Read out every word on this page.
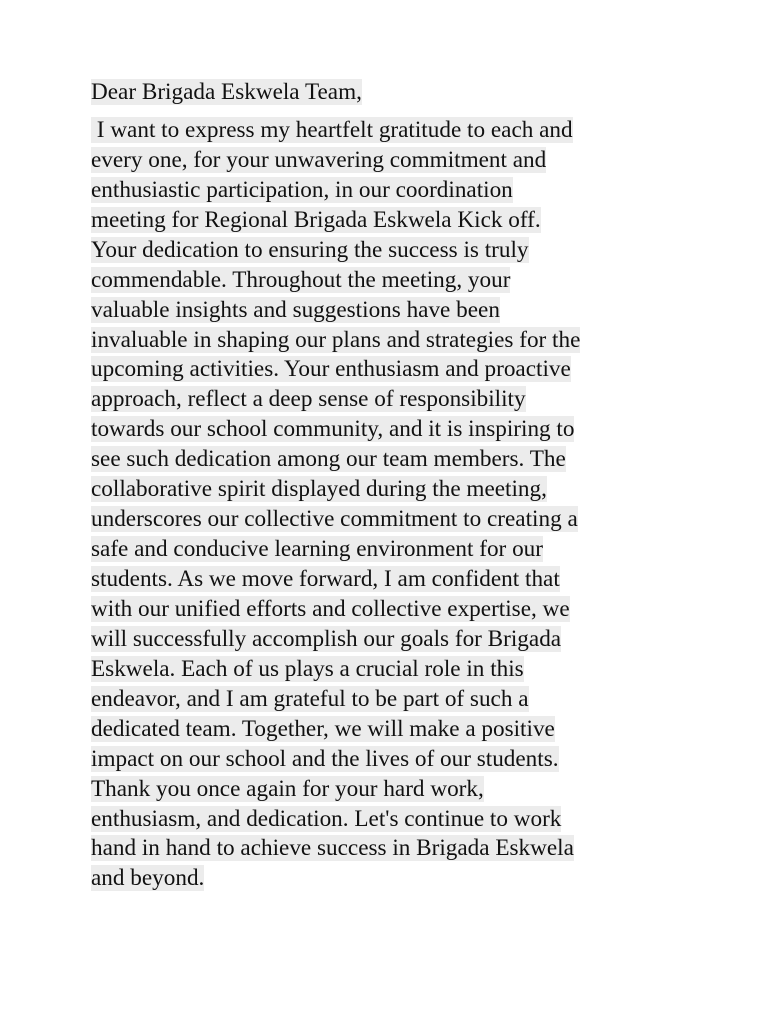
Dear Brigada Eskwela Team,
I want to express my heartfelt gratitude to each and
every one, for your unwavering commitment and
enthusiastic participation, in our coordination
meeting for Regional Brigada Eskwela Kick off.
Your dedication to ensuring the success is truly
commendable. Throughout the meeting, your
valuable insights and suggestions have been
invaluable in shaping our plans and strategies for the
upcoming activities. Your enthusiasm and proactive
approach, reflect a deep sense of responsibility
towards our school community, and it is inspiring to
see such dedication among our team members. The
collaborative spirit displayed during the meeting,
underscores our collective commitment to creating a
safe and conducive learning environment for our
students. As we move forward, I am confident that
with our unified efforts and collective expertise, we
will successfully accomplish our goals for Brigada
Eskwela. Each of us plays a crucial role in this
endeavor, and I am grateful to be part of such a
dedicated team. Together, we will make a positive
impact on our school and the lives of our students.
Thank you once again for your hard work,
enthusiasm, and dedication. Let's continue to work
hand in hand to achieve success in Brigada Eskwela
and beyond.
